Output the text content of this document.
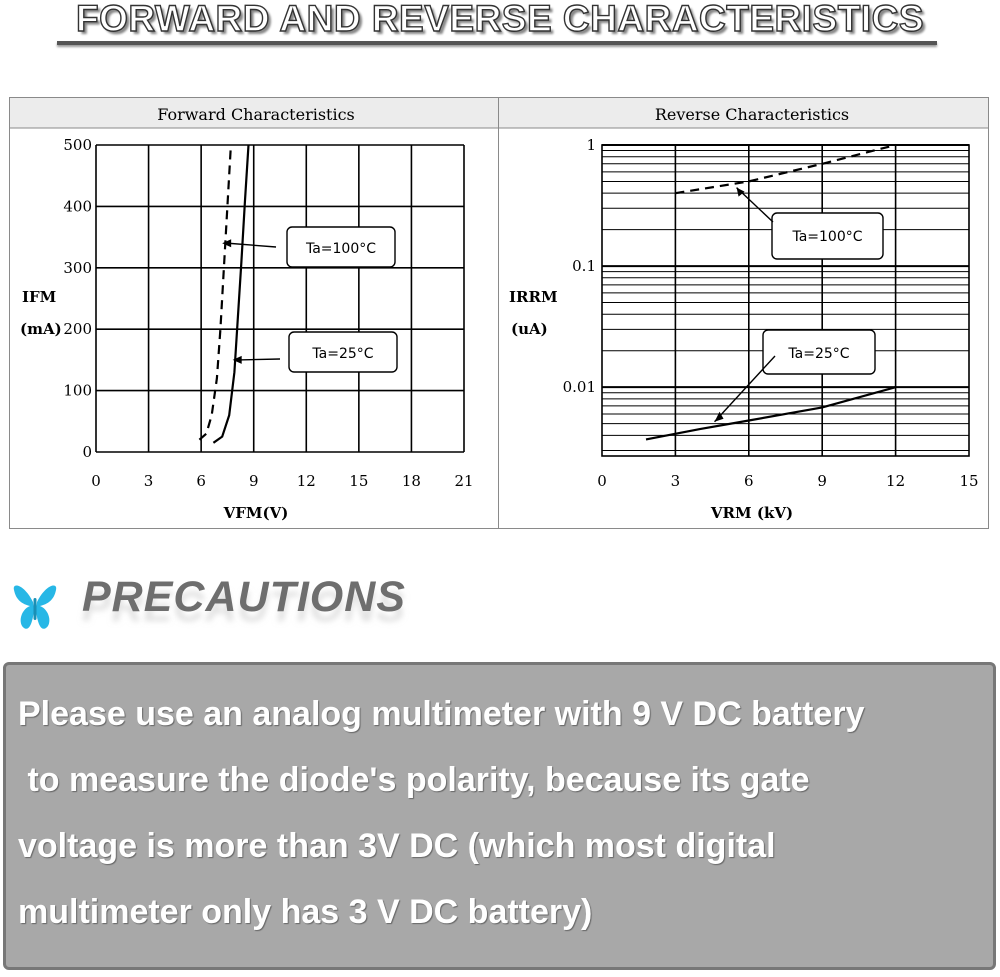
FORWARD AND REVERSE CHARACTERISTICS
Forward Characteristics
0	3	6	9	12 15 18 21
0
100
200
300
400
500
Ta=100°C
Ta=25°C
IFM
(mA)
VFM(V)
Reverse Characteristics
0	3	6	9	12	15
0.01
0.1
1
Ta=100°C
Ta=25°C
IRRM
(uA)
VRM (kV)
PRECAUTIONS
Please use an analog multimeter with 9 V DC battery
to measure the diode's polarity, because its gate
voltage is more than 3V DC (which most digital
multimeter only has 3 V DC battery)
